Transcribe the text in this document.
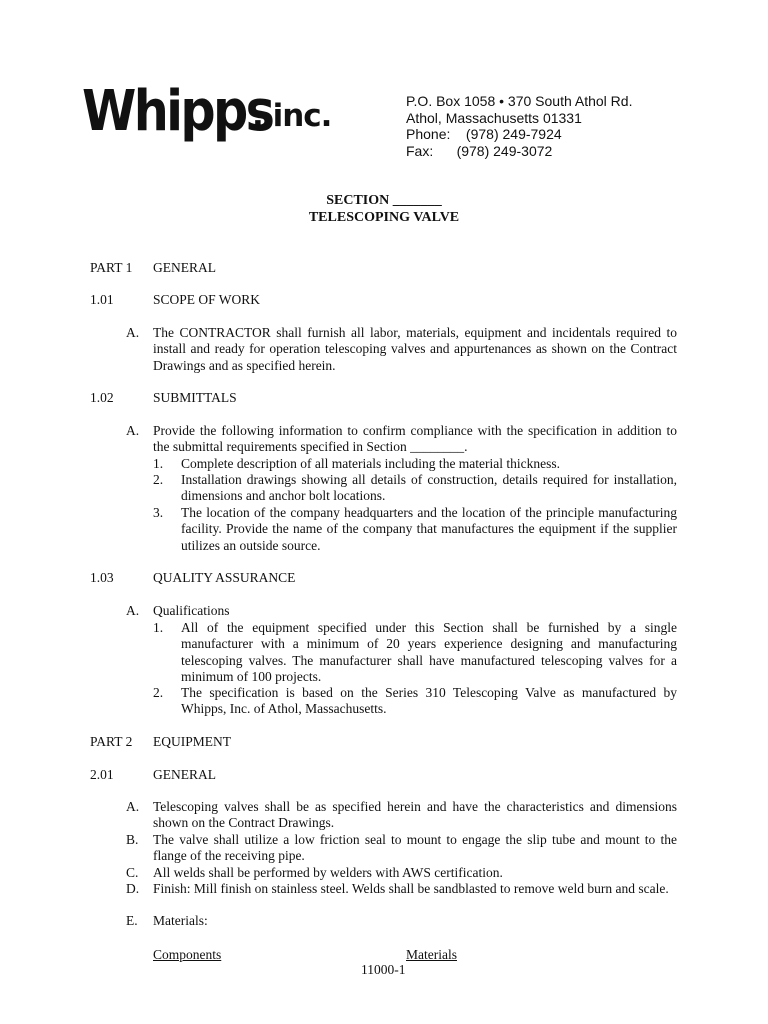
Whipps
, inc.	P.O. Box 1058 • 370 South Athol Rd.
Athol, Massachusetts 01331
Phone:    (978) 249-7924
Fax:      (978) 249-3072
SECTION _______
TELESCOPING VALVE
PART 1 GENERAL
1.01	SCOPE OF WORK
A. The CONTRACTOR shall furnish all labor, materials, equipment and incidentals required to install and ready for operation telescoping valves and appurtenances as shown on the Contract Drawings and as specified herein.
1.02	SUBMITTALS
A. Provide the following information to confirm compliance with the specification in addition to the submittal requirements specified in Section ________.
1. Complete description of all materials including the material thickness.
2. Installation drawings showing all details of construction, details required for installation, dimensions and anchor bolt locations.
3. The location of the company headquarters and the location of the principle manufacturing facility. Provide the name of the company that manufactures the equipment if the supplier utilizes an outside source.
1.03	QUALITY ASSURANCE
A. Qualifications
1. All of the equipment specified under this Section shall be furnished by a single manufacturer with a minimum of 20 years experience designing and manufacturing telescoping valves. The manufacturer shall have manufactured telescoping valves for a minimum of 100 projects.
2. The specification is based on the Series 310 Telescoping Valve as manufactured by Whipps, Inc. of Athol, Massachusetts.
PART 2 EQUIPMENT
2.01	GENERAL
A. Telescoping valves shall be as specified herein and have the characteristics and dimensions shown on the Contract Drawings.
B. The valve shall utilize a low friction seal to mount to engage the slip tube and mount to the flange of the receiving pipe.
C. All welds shall be performed by welders with AWS certification.
D. Finish: Mill finish on stainless steel. Welds shall be sandblasted to remove weld burn and scale.
E. Materials:
Components	Materials
11000-1
